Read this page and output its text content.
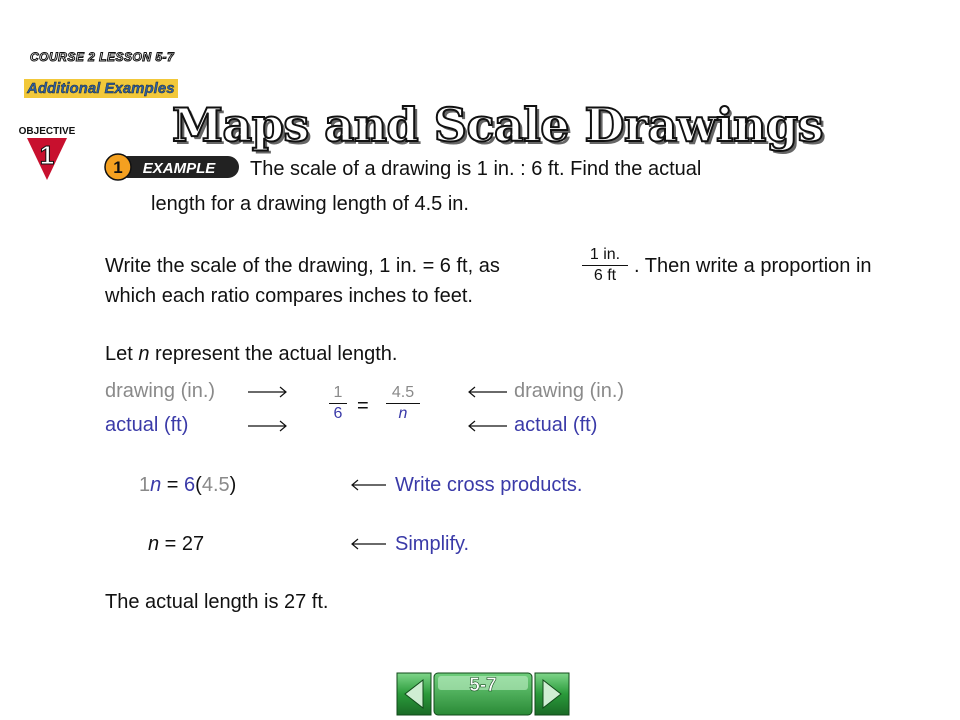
COURSE 2 LESSON 5-7
Additional Examples
OBJECTIVE
1
Maps and Scale Drawings
1 EXAMPLE The scale of a drawing is 1 in. : 6 ft. Find the actual
length for a drawing length of 4.5 in.
Write the scale of the drawing, 1 in. = 6 ft, as
1 in.
6 ft . Then write a proportion in
which each ratio compares inches to feet.
Let n represent the actual length.
drawing (in.)
actual (ft)
drawing (in.)
actual (ft)
1
6 =
4.5
n
1n = 6(4.5)	Write cross products.
n = 27	Simplify.
The actual length is 27 ft.
5-7
